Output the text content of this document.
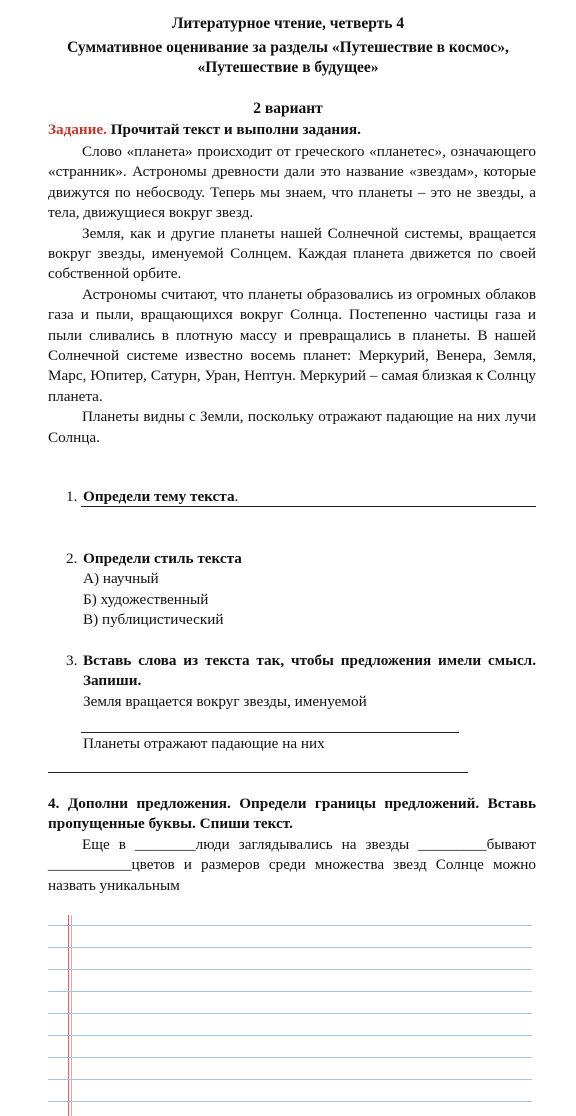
Литературное чтение, четверть 4

Суммативное оценивание за разделы «Путешествие в космос», «Путешествие в будущее»

2 вариант

Задание. Прочитай текст и выполни задания.

Слово «планета» происходит от греческого «планетес», означающего «странник». Астрономы древности дали это название «звездам», которые движутся по небосводу. Теперь мы знаем, что планеты – это не звезды, а тела, движущиеся вокруг звезд.

Земля, как и другие планеты нашей Солнечной системы, вращается вокруг звезды, именуемой Солнцем. Каждая планета движется по своей собственной орбите.

Астрономы считают, что планеты образовались из огромных облаков газа и пыли, вращающихся вокруг Солнца. Постепенно частицы газа и пыли сливались в плотную массу и превращались в планеты. В нашей Солнечной системе известно восемь планет: Меркурий, Венера, Земля, Марс, Юпитер, Сатурн, Уран, Нептун. Меркурий – самая близкая к Солнцу планета.

Планеты видны с Земли, поскольку отражают падающие на них лучи Солнца.

1. Определи тему текста.
2. Определи стиль текста
А) научный
Б) художественный
В) публицистический
3. Вставь слова из текста так, чтобы предложения имели смысл. Запиши.
Земля вращается вокруг звезды, именуемой
Планеты отражают падающие на них

4. Дополни предложения. Определи границы предложений. Вставь пропущенные буквы. Спиши текст.

Еще в ________люди заглядывались на звезды _________бывают ___________цветов и размеров среди множества звезд Солнце можно назвать уникальным
